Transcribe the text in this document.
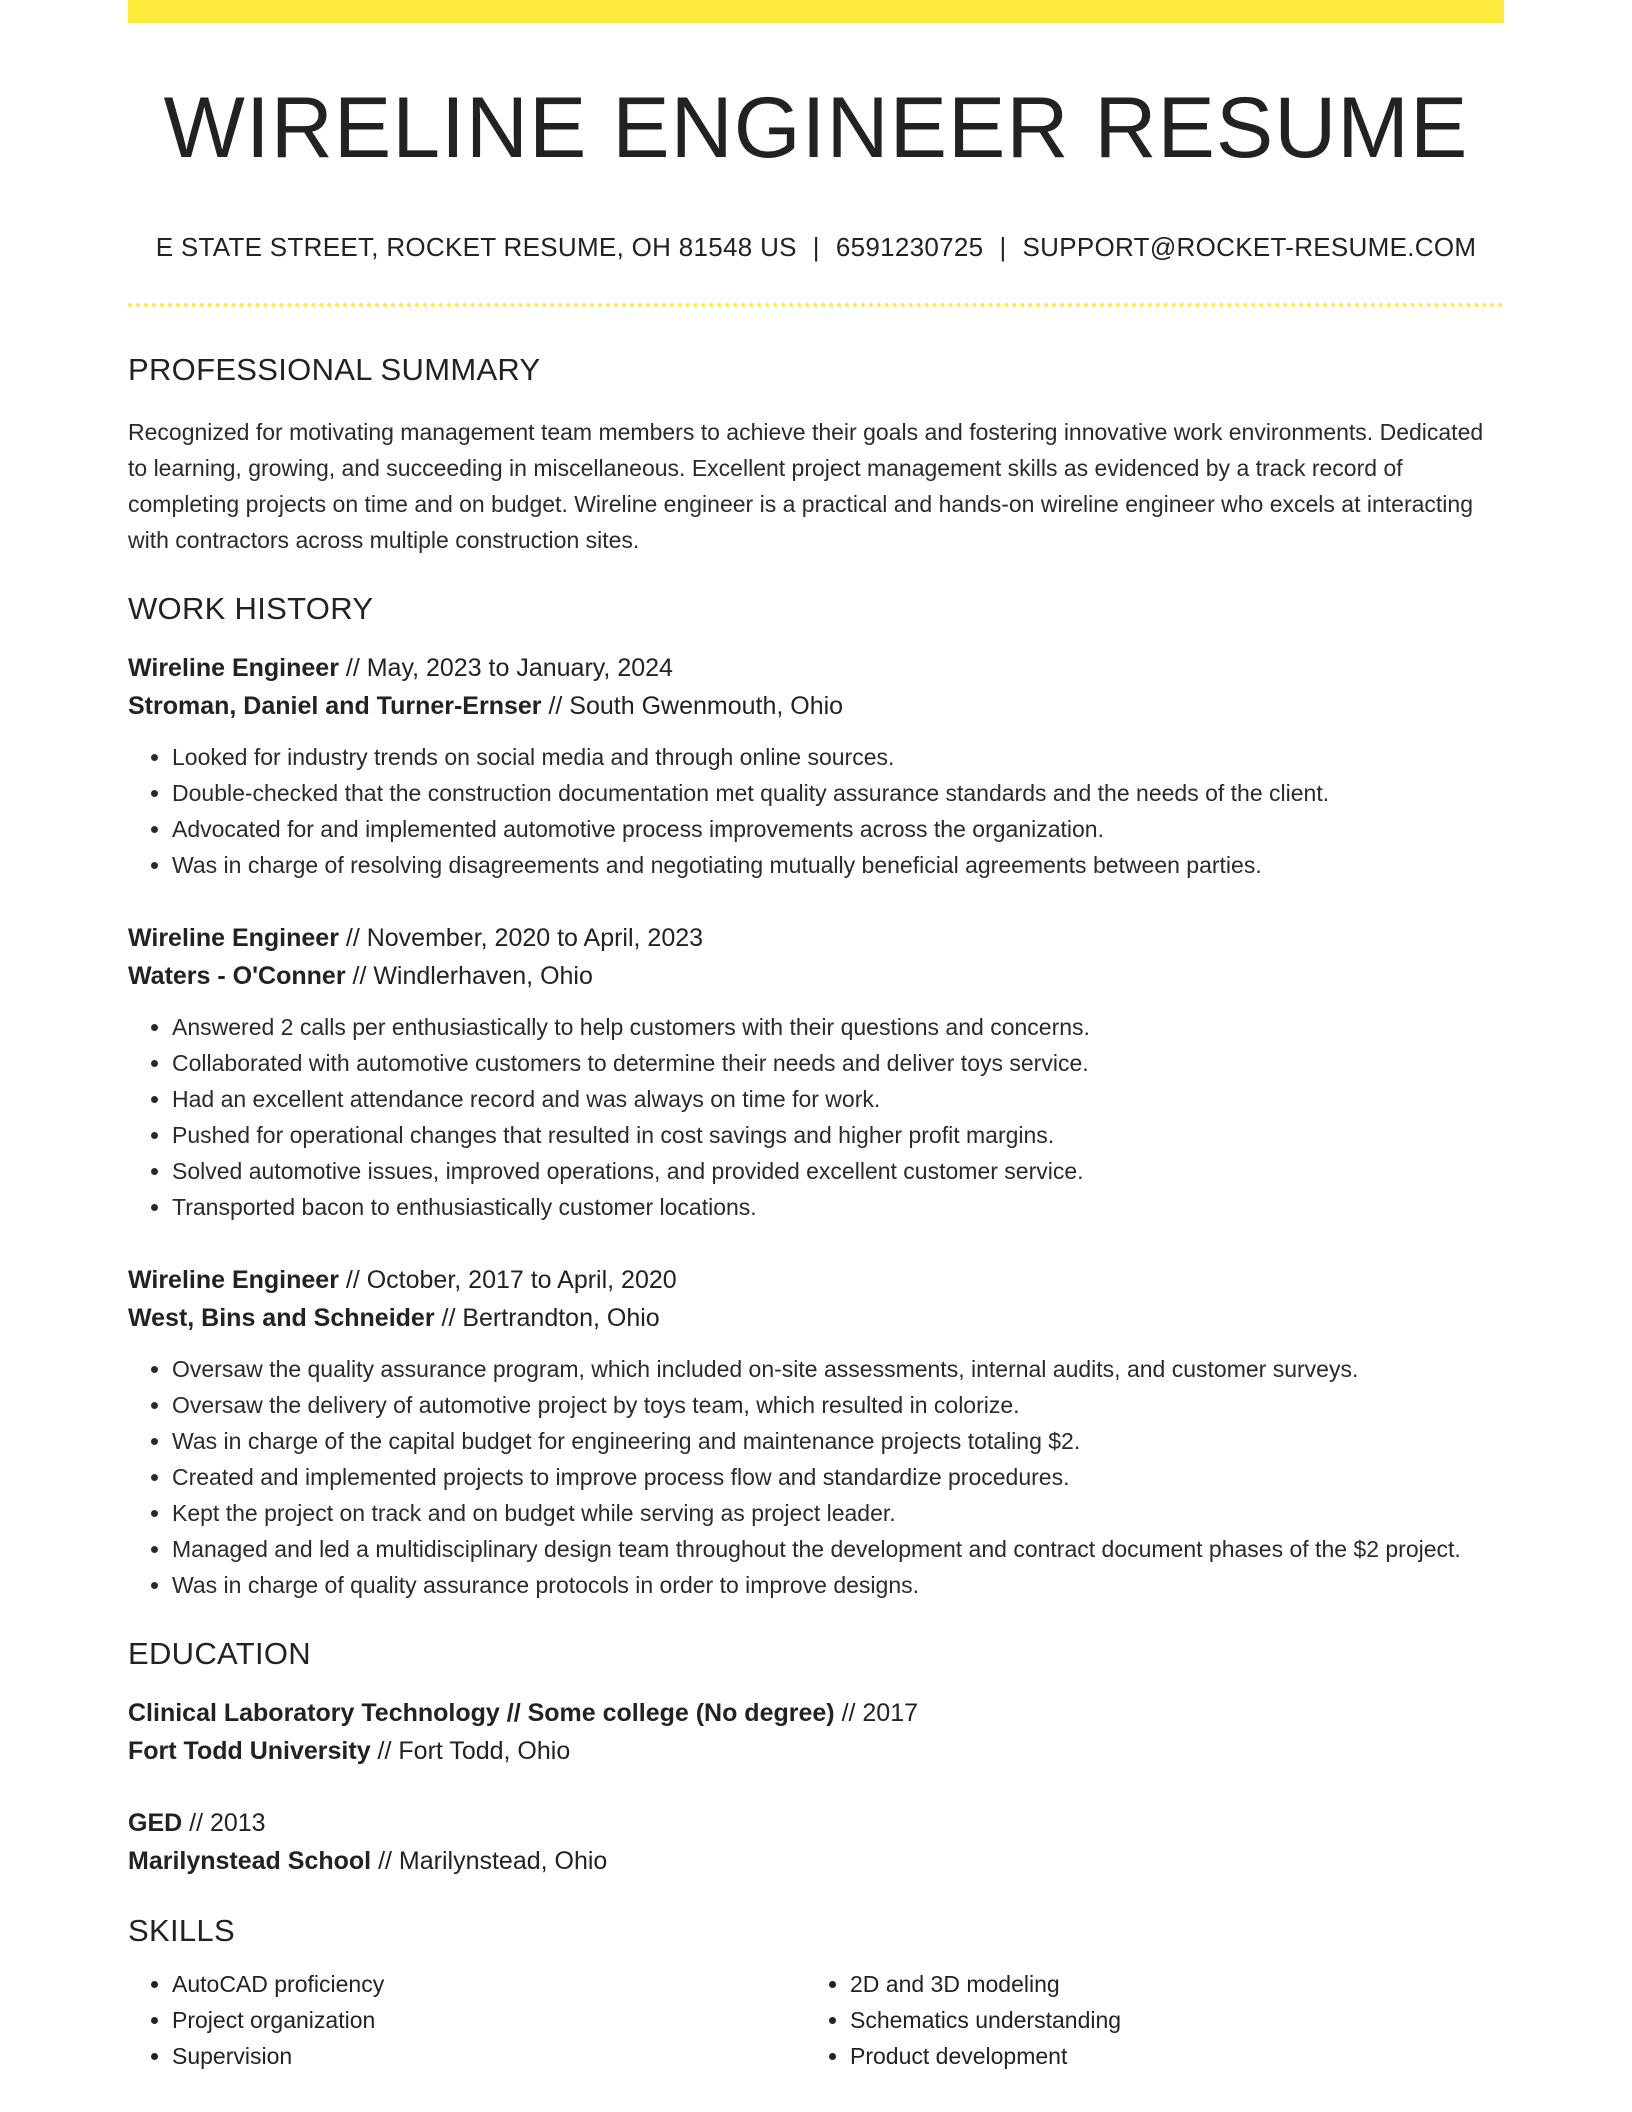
WIRELINE ENGINEER RESUME
E STATE STREET, ROCKET RESUME, OH 81548 US | 6591230725 | SUPPORT@ROCKET-RESUME.COM
PROFESSIONAL SUMMARY

Recognized for motivating management team members to achieve their goals and fostering innovative work environments. Dedicated to learning, growing, and succeeding in miscellaneous. Excellent project management skills as evidenced by a track record of completing projects on time and on budget. Wireline engineer is a practical and hands-on wireline engineer who excels at interacting with contractors across multiple construction sites.

WORK HISTORY
Wireline Engineer // May, 2023 to January, 2024
Stroman, Daniel and Turner-Ernser // South Gwenmouth, Ohio
• Looked for industry trends on social media and through online sources.
• Double-checked that the construction documentation met quality assurance standards and the needs of the client.
• Advocated for and implemented automotive process improvements across the organization.
• Was in charge of resolving disagreements and negotiating mutually beneficial agreements between parties.
Wireline Engineer // November, 2020 to April, 2023
Waters - O'Conner // Windlerhaven, Ohio
• Answered 2 calls per enthusiastically to help customers with their questions and concerns.
• Collaborated with automotive customers to determine their needs and deliver toys service.
• Had an excellent attendance record and was always on time for work.
• Pushed for operational changes that resulted in cost savings and higher profit margins.
• Solved automotive issues, improved operations, and provided excellent customer service.
• Transported bacon to enthusiastically customer locations.
Wireline Engineer // October, 2017 to April, 2020
West, Bins and Schneider // Bertrandton, Ohio
• Oversaw the quality assurance program, which included on-site assessments, internal audits, and customer surveys.
• Oversaw the delivery of automotive project by toys team, which resulted in colorize.
• Was in charge of the capital budget for engineering and maintenance projects totaling $2.
• Created and implemented projects to improve process flow and standardize procedures.
• Kept the project on track and on budget while serving as project leader.
• Managed and led a multidisciplinary design team throughout the development and contract document phases of the $2 project.
• Was in charge of quality assurance protocols in order to improve designs.
EDUCATION
Clinical Laboratory Technology // Some college (No degree) // 2017
Fort Todd University // Fort Todd, Ohio
GED // 2013
Marilynstead School // Marilynstead, Ohio
SKILLS
• AutoCAD proficiency
• Project organization
• Supervision
• 2D and 3D modeling
• Schematics understanding
• Product development
